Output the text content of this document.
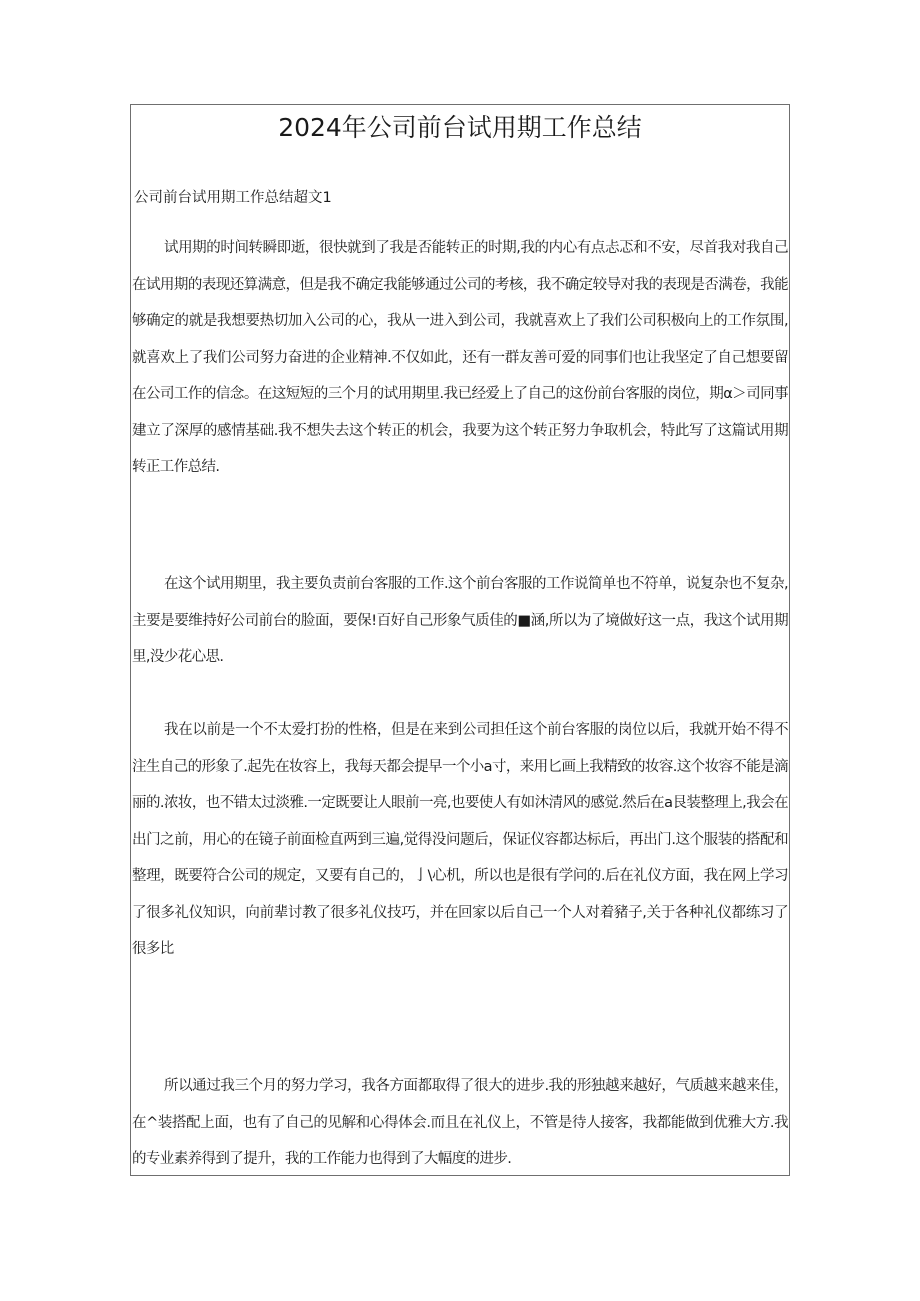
2024年公司前台试用期工作总结
公司前台试用期工作总结超文1

试用期的时间转瞬即逝，很快就到了我是否能转正的时期,我的内心有点忐忑和不安，尽首我对我自己在试用期的表现还算满意，但是我不确定我能够通过公司的考核，我不确定较导对我的表现是否满卷，我能够确定的就是我想要热切加入公司的心，我从一进入到公司，我就喜欢上了我们公司积极向上的工作氛围,就喜欢上了我们公司努力奋进的企业精神.不仅如此，还有一群友善可爱的同事们也让我坚定了自己想要留在公司工作的信念。在这短短的三个月的试用期里.我已经爱上了自己的这份前台客服的岗位，期α＞司同事建立了深厚的感情基础.我不想失去这个转正的机会，我要为这个转正努力争取机会，特此写了这篇试用期转正工作总结.

在这个试用期里，我主要负责前台客服的工作.这个前台客服的工作说简单也不符单，说复杂也不复杂,主要是要维持好公司前台的脸面，要保!百好自己形象气质佳的■涵,所以为了境做好这一点，我这个试用期里,没少花心思.

我在以前是一个不太爱打扮的性格，但是在来到公司担任这个前台客服的岗位以后，我就开始不得不注生自己的形象了.起先在妆容上，我每天都会提早一个小a寸，来用匕画上我精致的妆容.这个妆容不能是滴丽的.浓妆，也不错太过淡雅.一定既要让人眼前一亮,也要使人有如沐清风的感觉.然后在a艮装整理上,我会在出门之前，用心的在镜子前面检直两到三遍,觉得没问题后，保证仪容都达标后，再出门.这个服装的搭配和整理，既要符合公司的规定，又要有自己的，亅\心机，所以也是很有学问的.后在礼仪方面，我在网上学习了很多礼仪知识，向前辈讨教了很多礼仪技巧，并在回家以后自己一个人对着豬子,关于各种礼仪都练习了很多比

所以通过我三个月的努力学习，我各方面都取得了很大的进步.我的形独越来越好，气质越来越来佳，在^装搭配上面，也有了自己的见解和心得体会.而且在礼仪上，不管是待人接客，我都能做到优雅大方.我的专业素养得到了提升，我的工作能力也得到了大幅度的进步.
